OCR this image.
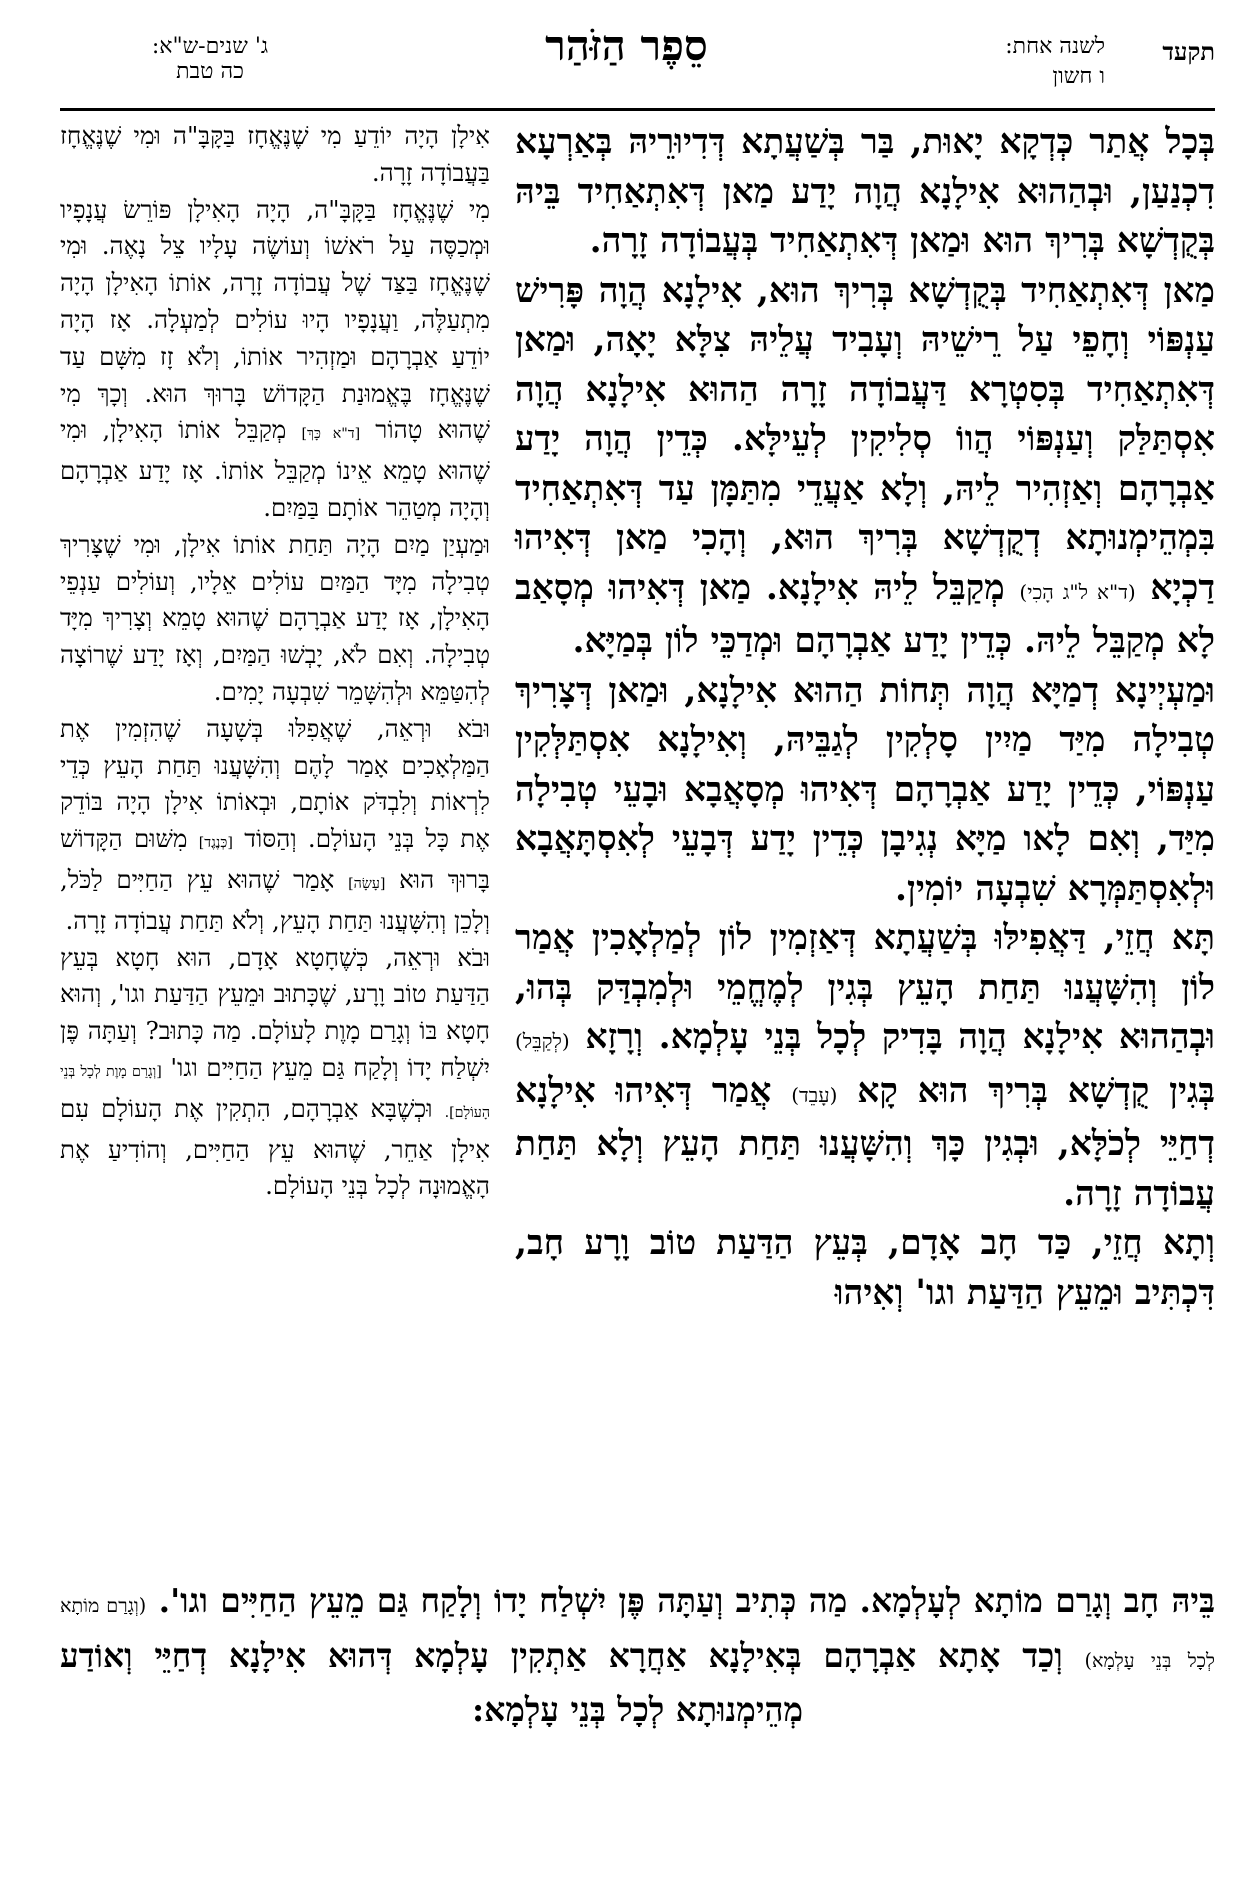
תקעד
לשנה אחת:
ו חשון
סֵפֶר הַזֹּהַר
ג' שנים-ש"א:
כה טבת

בְּכָל אֲתַר כְּדְקָא יָאוּת, בַּר בְּשַׁעֲתָא דְּדִיוּרֵיהּ בְּאַרְעָא דִכְנַעַן, וּבְהַהוּא אִילָנָא הֲוָה יָדַע מַאן דְּאִתְאַחִיד בֵּיהּ בְּקֻדְשָׁא בְּרִיךְ הוּא וּמַאן דְּאִתְאַחִיד בְּעֲבוֹדָה זָרָה.

מַאן דְּאִתְאַחִיד בְּקֻדְשָׁא בְּרִיךְ הוּא, אִילָנָא הֲוָה פָּרִישׁ עַנְפּוֹי וְחָפֵי עַל רֵישֵׁיהּ וְעָבִיד עֲלֵיהּ צִלָּא יָאָה, וּמַאן דְּאִתְאַחִיד בְּסִטְרָא דַּעֲבוֹדָה זָרָה הַהוּא אִילָנָא הֲוָה אִסְתַּלַּק וְעַנְפּוֹי הֲווֹ סְלִיקִין לְעֵילָּא. כְּדֵין הֲוָה יָדַע אַבְרָהָם וְאַזְהִיר לֵיהּ, וְלָא אַעֲדֵי מִתַּמָּן עַד דְּאִתְאַחִיד בִּמְהֵימְנוּתָא דְקֻדְשָׁא בְּרִיךְ הוּא, וְהָכִי מַאן דְּאִיהוּ דַכְיָא (ד"א ל"ג הָכִי) מְקַבֵּל לֵיהּ אִילָנָא. מַאן דְּאִיהוּ מְסָאַב לָא מְקַבֵּל לֵיהּ. כְּדֵין יָדַע אַבְרָהָם וּמְדַכֵּי לוֹן בְּמַיָּא.

וּמַעְיְינָא דְמַיָּא הֲוָה תְּחוֹת הַהוּא אִילָנָא, וּמַאן דְּצָרִיךְ טְבִילָה מִיַּד מַיִין סָלְקִין לְגַבֵּיהּ, וְאִילָנָא אִסְתַּלְּקִין עַנְפּוֹי, כְּדֵין יָדַע אַבְרָהָם דְּאִיהוּ מְסָאֲבָא וּבָעֵי טְבִילָה מִיַּד, וְאִם לָאו מַיָּא נְגִיבָן כְּדֵין יָדַע דְּבָעֵי לְאִסְתָּאֲבָא וּלְאִסְתַּמְּרָא שִׁבְעָה יוֹמִין.

תָּא חֲזֵי, דַּאֲפִילּוּ בְּשַׁעֲתָא דְּאַזְמִין לוֹן לְמַלְאָכִין אֲמַר לוֹן וְהִשָּׁעֲנוּ תַּחַת הָעֵץ בְּגִין לְמֶחֱמֵי וּלְמִבְדַּק בְּהוּ, וּבְהַהוּא אִילָנָא הֲוָה בָּדִיק לְכָל בְּנֵי עָלְמָא. וְרָזָא (לְקַבֵּל) בְּגִין קֻדְשָׁא בְּרִיךְ הוּא קָא (עָבֵד) אֲמַר דְּאִיהוּ אִילָנָא דְחַיֵּי לְכֹלָּא, וּבְגִין כָּךְ וְהִשָּׁעֲנוּ תַּחַת הָעֵץ וְלָא תַּחַת עֲבוֹדָה זָרָה.

וְתָא חֲזֵי, כַּד חָב אָדָם, בְּעֵץ הַדַּעַת טוֹב וָרָע חָב, דִּכְתִּיב וּמֵעֵץ הַדַּעַת וגו' וְאִיהוּ

אִילָן הָיָה יוֹדֵעַ מִי שֶׁנֶּאֱחָז בַּקָּבָּ"ה וּמִי שֶׁנֶּאֱחָז בַּעֲבוֹדָה זָרָה.

מִי שֶׁנֶּאֱחָז בַּקָּבָּ"ה, הָיָה הָאִילָן פּוֹרֵשׂ עֲנָפָיו וּמְכַסֶּה עַל רֹאשׁוֹ וְעוֹשֶׂה עָלָיו צֵל נָאֶה. וּמִי שֶׁנֶּאֱחָז בַּצַּד שֶׁל עֲבוֹדָה זָרָה, אוֹתוֹ הָאִילָן הָיָה מִתְעַלֶּה, וַעֲנָפָיו הָיוּ עוֹלִים לְמַעְלָה. אָז הָיָה יוֹדֵעַ אַבְרָהָם וּמַזְהִיר אוֹתוֹ, וְלֹא זָז מִשָּׁם עַד שֶׁנֶּאֱחָז בֶּאֱמוּנַת הַקָּדוֹשׁ בָּרוּךְ הוּא. וְכָךְ מִי שֶׁהוּא טָהוֹר [ד"א כָּךְ] מְקַבֵּל אוֹתוֹ הָאִילָן, וּמִי שֶׁהוּא טָמֵא אֵינוֹ מְקַבֵּל אוֹתוֹ. אָז יָדַע אַבְרָהָם וְהָיָה מְטַהֵר אוֹתָם בַּמַּיִם.

וּמַעְיַן מַיִם הָיָה תַּחַת אוֹתוֹ אִילָן, וּמִי שֶׁצָּרִיךְ טְבִילָה מִיָּד הַמַּיִם עוֹלִים אֵלָיו, וְעוֹלִים עַנְפֵי הָאִילָן, אָז יָדַע אַבְרָהָם שֶׁהוּא טָמֵא וְצָרִיךְ מִיָּד טְבִילָה. וְאִם לֹא, יָבְשׁוּ הַמַּיִם, וְאָז יָדַע שֶׁרוֹצָה לְהִטַּמֵּא וּלְהִשָּׁמֵר שִׁבְעָה יָמִים.

וּבֹא וּרְאֵה, שֶׁאֲפִלּוּ בְּשָׁעָה שֶׁהִזְמִין אֶת הַמַּלְאָכִים אָמַר לָהֶם וְהִשָּׁעֲנוּ תַּחַת הָעֵץ כְּדֵי לִרְאוֹת וְלִבְדֹּק אוֹתָם, וּבְאוֹתוֹ אִילָן הָיָה בּוֹדֵק אֶת כָּל בְּנֵי הָעוֹלָם. וְהַסּוֹד [כְּנֶגֶד] מִשּׁוּם הַקָּדוֹשׁ בָּרוּךְ הוּא [עָשָׂה] אָמַר שֶׁהוּא עֵץ הַחַיִּים לַכֹּל, וְלָכֵן וְהִשָּׁעֲנוּ תַּחַת הָעֵץ, וְלֹא תַּחַת עֲבוֹדָה זָרָה.

וּבֹא וּרְאֵה, כְּשֶׁחָטָא אָדָם, הוּא חָטָא בְּעֵץ הַדַּעַת טוֹב וָרָע, שֶׁכָּתוּב וּמֵעֵץ הַדַּעַת וגו', וְהוּא חָטָא בּוֹ וְגָרַם מָוֶת לָעוֹלָם. מַה כָּתוּב? וְעַתָּה פֶּן יִשְׁלַח יָדוֹ וְלָקַח גַּם מֵעֵץ הַחַיִּים וגו' [וְגָרַם מָוֶת לְכָל בְּנֵי הָעוֹלָם]. וּכְשֶׁבָּא אַבְרָהָם, הִתְקִין אֶת הָעוֹלָם עִם אִילָן אַחֵר, שֶׁהוּא עֵץ הַחַיִּים, וְהוֹדִיעַ אֶת הָאֱמוּנָה לְכָל בְּנֵי הָעוֹלָם.

בֵּיהּ חָב וְגָרַם מוֹתָא לְעָלְמָא. מַה כְּתִיב וְעַתָּה פֶּן יִשְׁלַח יָדוֹ וְלָקַח גַּם מֵעֵץ הַחַיִּים וגו'. (וְגָרַם מוֹתָא לְכָל בְּנֵי עָלְמָא) וְכַד אָתָא אַבְרָהָם בְּאִילָנָא אַחֲרָא אַתְקִין עָלְמָא דְּהוּא אִילָנָא דְחַיֵּי וְאוֹדַע מְהֵימְנוּתָא לְכָל בְּנֵי עָלְמָא:
